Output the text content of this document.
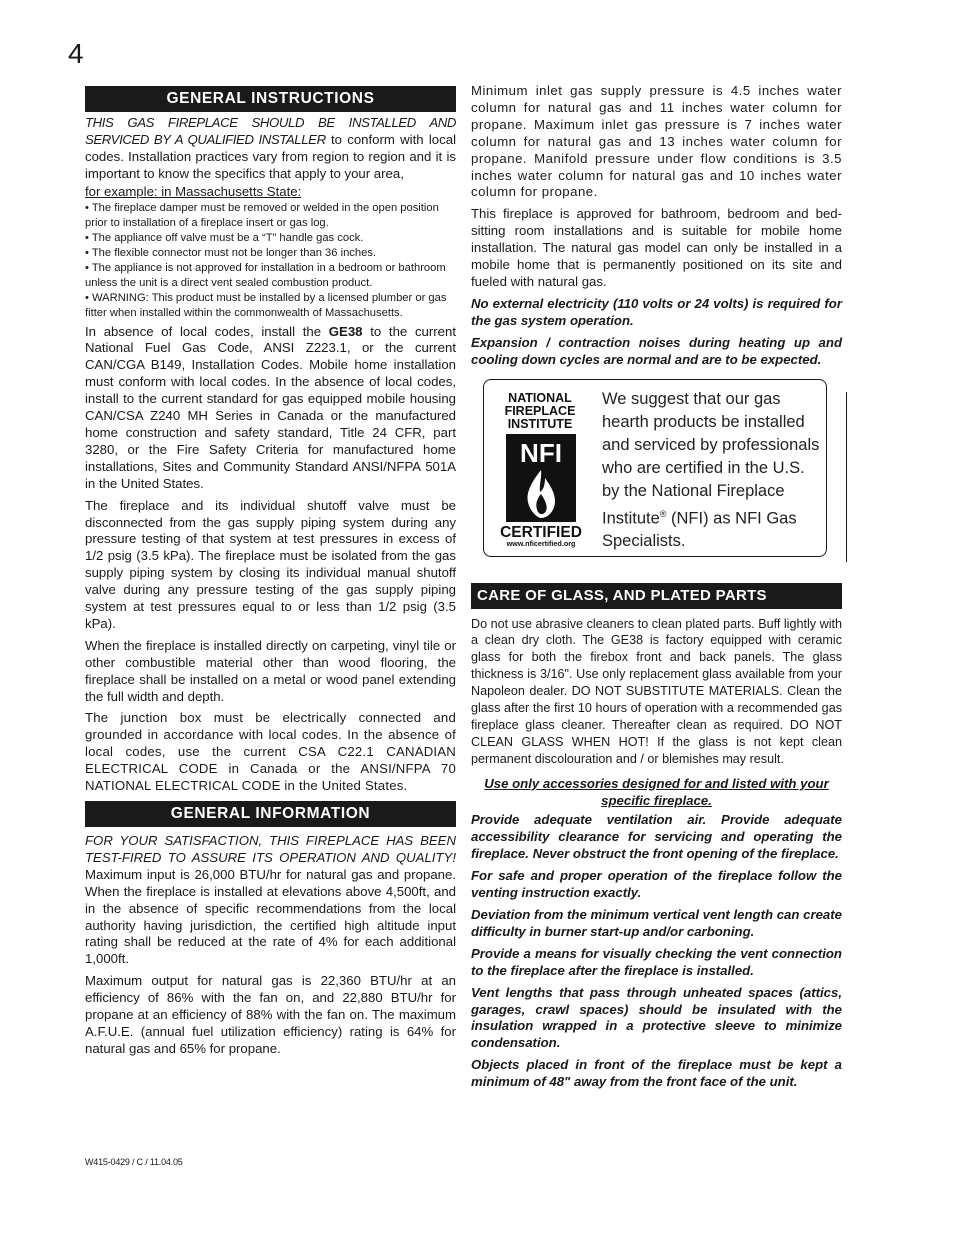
4
GENERAL INSTRUCTIONS

THIS GAS FIREPLACE SHOULD BE INSTALLED AND SERVICED BY A QUALIFIED INSTALLER to conform with local codes. Installation practices vary from region to region and it is important to know the specifics that apply to your area,

for example: in Massachusetts State:
• The fireplace damper must be removed or welded in the open position prior to installation of a fireplace insert or gas log.
• The appliance off valve must be a “T” handle gas cock.
• The flexible connector must not be longer than 36 inches.
• The appliance is not approved for installation in a bedroom or bathroom unless the unit is a direct vent sealed combustion product.
• WARNING: This product must be installed by a licensed plumber or gas fitter when installed within the commonwealth of Massachusetts.

In absence of local codes, install the GE38 to the current National Fuel Gas Code, ANSI Z223.1, or the current CAN/CGA B149, Installation Codes. Mobile home installation must conform with local codes. In the absence of local codes, install to the current standard for gas equipped mobile housing CAN/CSA Z240 MH Series in Canada or the manufactured home construction and safety standard, Title 24 CFR, part 3280, or the Fire Safety Criteria for manufactured home installations, Sites and Community Standard ANSI/NFPA 501A in the United States.

The fireplace and its individual shutoff valve must be disconnected from the gas supply piping system during any pressure testing of that system at test pressures in excess of 1/2 psig (3.5 kPa). The fireplace must be isolated from the gas supply piping system by closing its individual manual shutoff valve during any pressure testing of the gas supply piping system at test pressures equal to or less than 1/2 psig (3.5 kPa).

When the fireplace is installed directly on carpeting, vinyl tile or other combustible material other than wood flooring, the fireplace shall be installed on a metal or wood panel extending the full width and depth.

The junction box must be electrically connected and grounded in accordance with local codes. In the absence of local codes, use the current CSA C22.1 CANADIAN ELECTRICAL CODE in Canada or the ANSI/NFPA 70 NATIONAL ELECTRICAL CODE in the United States.

GENERAL INFORMATION

FOR YOUR SATISFACTION, THIS FIREPLACE HAS BEEN TEST-FIRED TO ASSURE ITS OPERATION AND QUALITY! Maximum input is 26,000 BTU/hr for natural gas and propane. When the fireplace is installed at elevations above 4,500ft, and in the absence of specific recommendations from the local authority having jurisdiction, the certified high altitude input rating shall be reduced at the rate of 4% for each additional 1,000ft.

Maximum output for natural gas is 22,360 BTU/hr at an efficiency of 86% with the fan on, and 22,880 BTU/hr for propane at an efficiency of 88% with the fan on. The maximum A.F.U.E. (annual fuel utilization efficiency) rating is 64% for natural gas and 65% for propane.

Minimum inlet gas supply pressure is 4.5 inches water column for natural gas and 11 inches water column for propane. Maximum inlet gas pressure is 7 inches water column for natural gas and 13 inches water column for propane. Manifold pressure under flow conditions is 3.5 inches water column for natural gas and 10 inches water column for propane.

This fireplace is approved for bathroom, bedroom and bed-sitting room installations and is suitable for mobile home installation. The natural gas model can only be installed in a mobile home that is permanently positioned on its site and fueled with natural gas.

No external electricity (110 volts or 24 volts) is required for the gas system operation.

Expansion / contraction noises during heating up and cooling down cycles are normal and are to be expected.

NATIONAL
FIREPLACE
INSTITUTE
NFI
CERTIFIED
www.nficertified.org
We suggest that our gas hearth products be installed and serviced by professionals who are certified in the U.S. by the National Fireplace Institute® (NFI) as NFI Gas Specialists.
CARE OF GLASS, AND PLATED PARTS

Do not use abrasive cleaners to clean plated parts. Buff lightly with a clean dry cloth. The GE38 is factory equipped with ceramic glass for both the firebox front and back panels. The glass thickness is 3/16". Use only replacement glass available from your Napoleon dealer. DO NOT SUBSTITUTE MATERIALS. Clean the glass after the first 10 hours of operation with a recommended gas fireplace glass cleaner. Thereafter clean as required. DO NOT CLEAN GLASS WHEN HOT! If the glass is not kept clean permanent discolouration and / or blemishes may result.

Use only accessories designed for and listed with your specific fireplace.

Provide adequate ventilation air. Provide adequate accessibility clearance for servicing and operating the fireplace. Never obstruct the front opening of the fireplace.

For safe and proper operation of the fireplace follow the venting instruction exactly.

Deviation from the minimum vertical vent length can create difficulty in burner start-up and/or carboning.

Provide a means for visually checking the vent connection to the fireplace after the fireplace is installed.

Vent lengths that pass through unheated spaces (attics, garages, crawl spaces) should be insulated with the insulation wrapped in a protective sleeve to minimize condensation.

Objects placed in front of the fireplace must be kept a minimum of 48" away from the front face of the unit.

W415-0429 / C / 11.04.05
